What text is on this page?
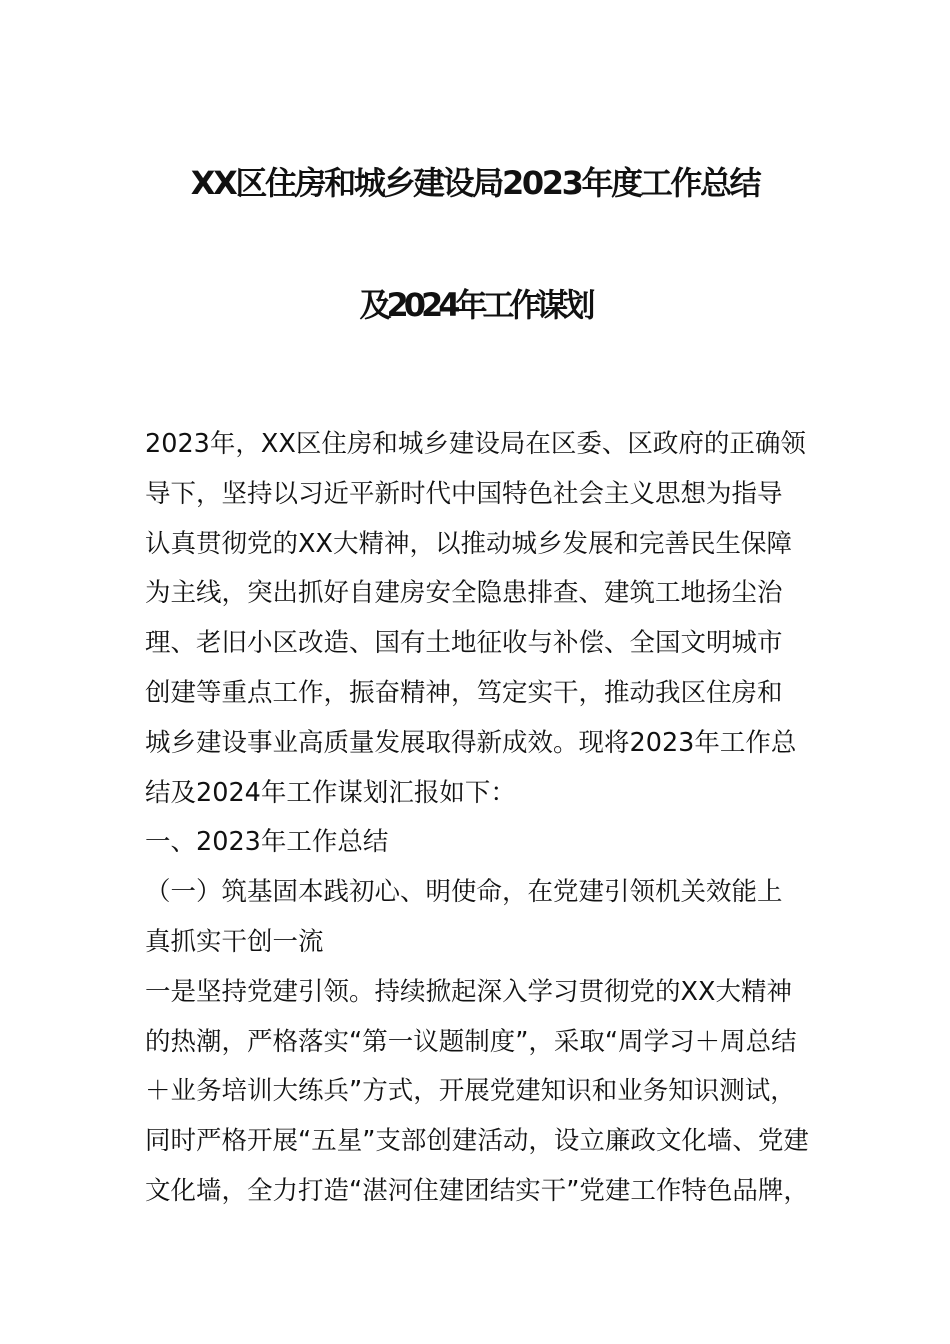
XX区住房和城乡建设局2023年度工作总结
及2024年工作谋划

2023年，XX区住房和城乡建设局在区委、区政府的正确领

导下，坚持以习近平新时代中国特色社会主义思想为指导

认真贯彻党的XX大精神，以推动城乡发展和完善民生保障

为主线，突出抓好自建房安全隐患排查、建筑工地扬尘治

理、老旧小区改造、国有土地征收与补偿、全国文明城市

创建等重点工作，振奋精神，笃定实干，推动我区住房和

城乡建设事业高质量发展取得新成效。现将2023年工作总

结及2024年工作谋划汇报如下：

一、2023年工作总结

（一）筑基固本践初心、明使命，在党建引领机关效能上

真抓实干创一流

一是坚持党建引领。持续掀起深入学习贯彻党的XX大精神

的热潮，严格落实“第一议题制度”，采取“周学习＋周总结

＋业务培训大练兵”方式，开展党建知识和业务知识测试，

同时严格开展“五星”支部创建活动，设立廉政文化墙、党建

文化墙，全力打造“湛河住建团结实干”党建工作特色品牌，
